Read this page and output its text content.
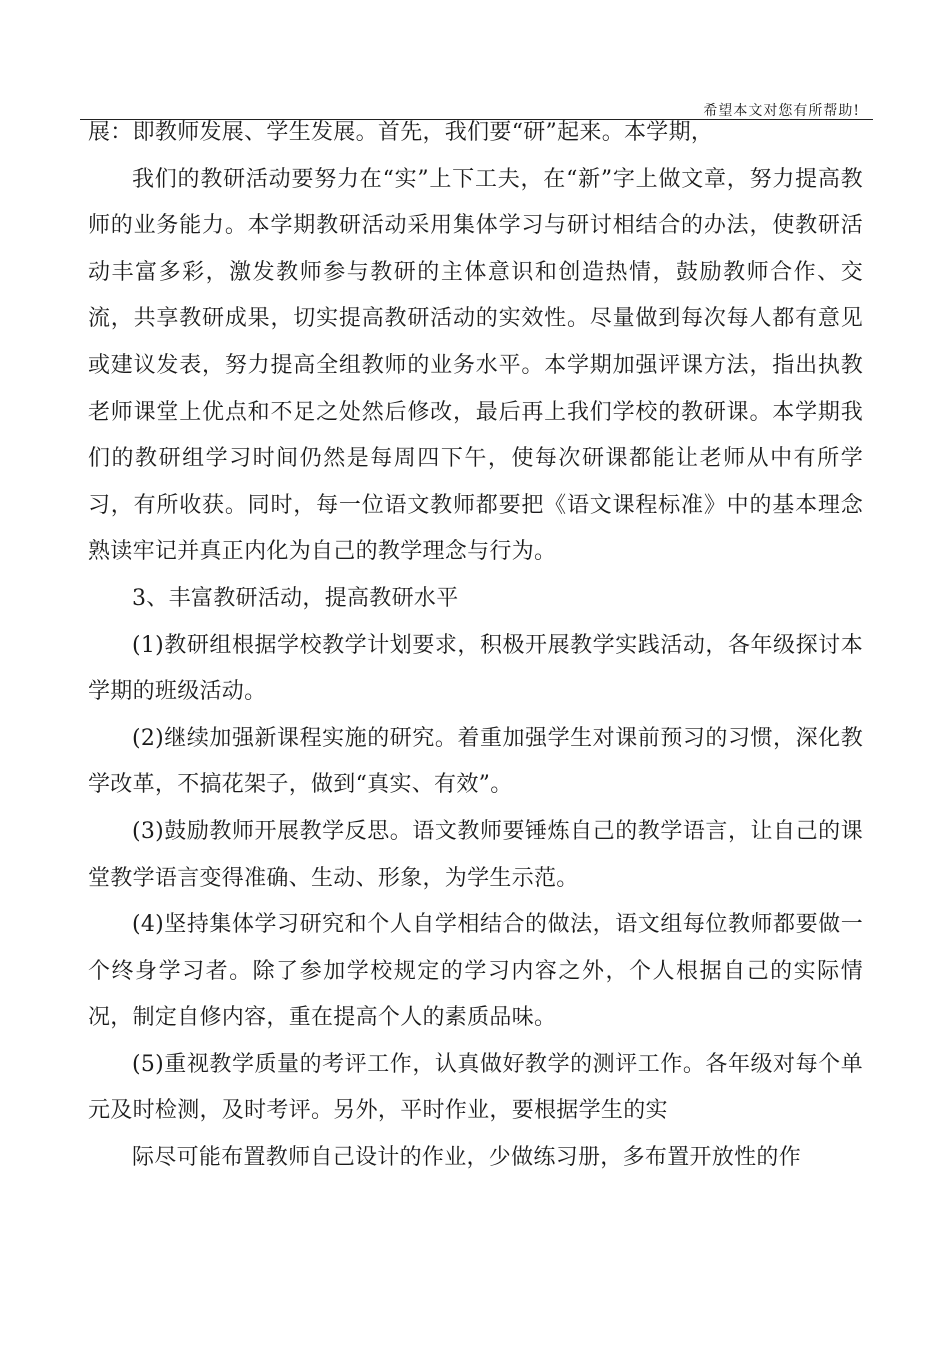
希望本文对您有所帮助!

展：即教师发展、学生发展。首先，我们要“研”起来。本学期，

我们的教研活动要努力在“实”上下工夫，在“新”字上做文章，努力提高教师的业务能力。本学期教研活动采用集体学习与研讨相结合的办法，使教研活动丰富多彩，激发教师参与教研的主体意识和创造热情，鼓励教师合作、交流，共享教研成果，切实提高教研活动的实效性。尽量做到每次每人都有意见或建议发表，努力提高全组教师的业务水平。本学期加强评课方法，指出执教老师课堂上优点和不足之处然后修改，最后再上我们学校的教研课。本学期我们的教研组学习时间仍然是每周四下午，使每次研课都能让老师从中有所学习，有所收获。同时，每一位语文教师都要把《语文课程标准》中的基本理念熟读牢记并真正内化为自己的教学理念与行为。

3、丰富教研活动，提高教研水平

(1)教研组根据学校教学计划要求，积极开展教学实践活动，各年级探讨本学期的班级活动。

(2)继续加强新课程实施的研究。着重加强学生对课前预习的习惯，深化教学改革，不搞花架子，做到“真实、有效”。

(3)鼓励教师开展教学反思。语文教师要锤炼自己的教学语言，让自己的课堂教学语言变得准确、生动、形象，为学生示范。

(4)坚持集体学习研究和个人自学相结合的做法，语文组每位教师都要做一个终身学习者。除了参加学校规定的学习内容之外，个人根据自己的实际情况，制定自修内容，重在提高个人的素质品味。

(5)重视教学质量的考评工作，认真做好教学的测评工作。各年级对每个单元及时检测，及时考评。另外，平时作业，要根据学生的实

际尽可能布置教师自己设计的作业，少做练习册，多布置开放性的作
